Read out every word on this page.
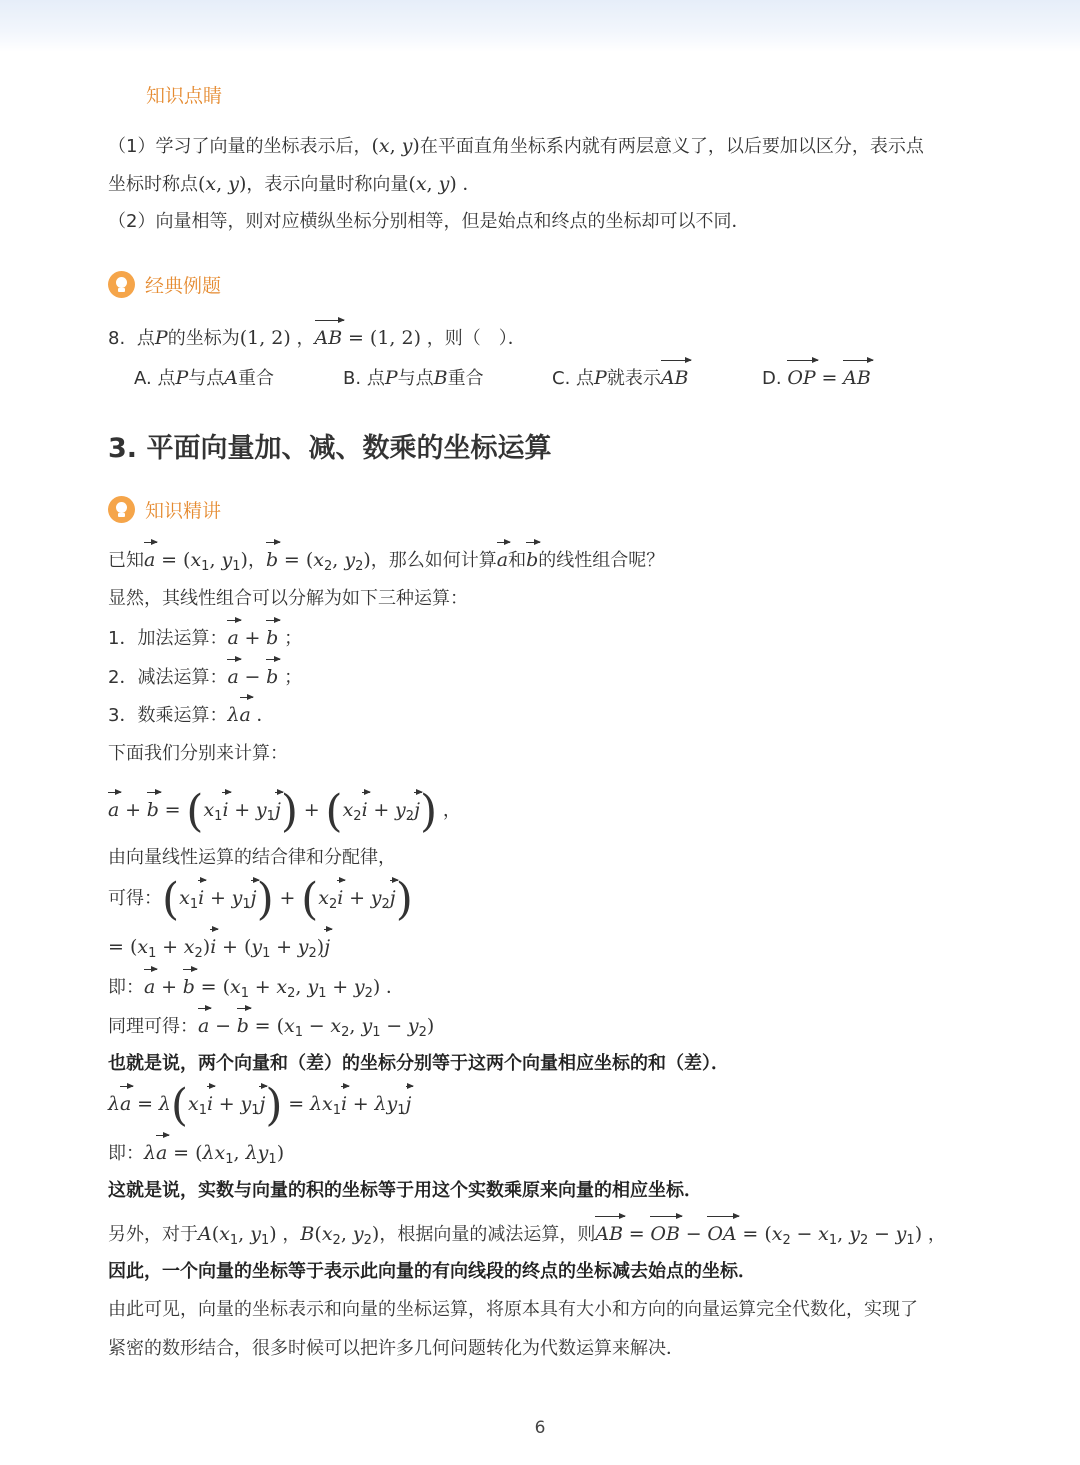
知识点睛
（1）学习了向量的坐标表示后，(x, y)在平面直角坐标系内就有两层意义了，以后要加以区分，表示点
坐标时称点(x, y)，表示向量时称向量(x, y) ．
（2）向量相等，则对应横纵坐标分别相等，但是始点和终点的坐标却可以不同．
经典例题
8. 点P的坐标为(1, 2) ，AB = (1, 2) ，则（　）．
A. 点P与点A重合	B. 点P与点B重合	C. 点P就表示AB	D. OP = AB
3. 平面向量加、减、数乘的坐标运算
知识精讲
已知$a = (x_1$, $y_1$)，$b = (x_2$, $y_2$)，那么如何计算a和b的线性组合呢？
显然，其线性组合可以分解为如下三种运算：
1．加法运算：a + b ；
2．减法运算：a − b ；
3．数乘运算：λa ．
下面我们分别来计算：
$a + b = (x_1i + y_1j) + (x_2i + y_2j)$ ，
由向量线性运算的结合律和分配律，
可得：$(x_1i + y_1j) + (x_2i + y_2j)$
= $(x_1 + x_2)i + (y_1 + y_2)j$
即：$a + b = (x_1 + x_2$, $y_1 + y_2$) ．
同理可得：$a - b = (x_1 - x_2$, $y_1 - y_2$)
也就是说，两个向量和（差）的坐标分别等于这两个向量相应坐标的和（差）．
$\lambda a = \lambda(x_1i + y_1j) = \lambda x_1i + \lambda y_1j$
即：$\lambda a = (\lambda x_1$, $\lambda y_1$)
这就是说，实数与向量的积的坐标等于用这个实数乘原来向量的相应坐标．
另外，对于$A(x_1$, $y_1$) ，$B(x_2$, $y_2$)，根据向量的减法运算，则AB = OB − OA = ($x_2 - x_1$, $y_2 - y_1$) ，
因此，一个向量的坐标等于表示此向量的有向线段的终点的坐标减去始点的坐标．
由此可见，向量的坐标表示和向量的坐标运算，将原本具有大小和方向的向量运算完全代数化，实现了
紧密的数形结合，很多时候可以把许多几何问题转化为代数运算来解决．
6
